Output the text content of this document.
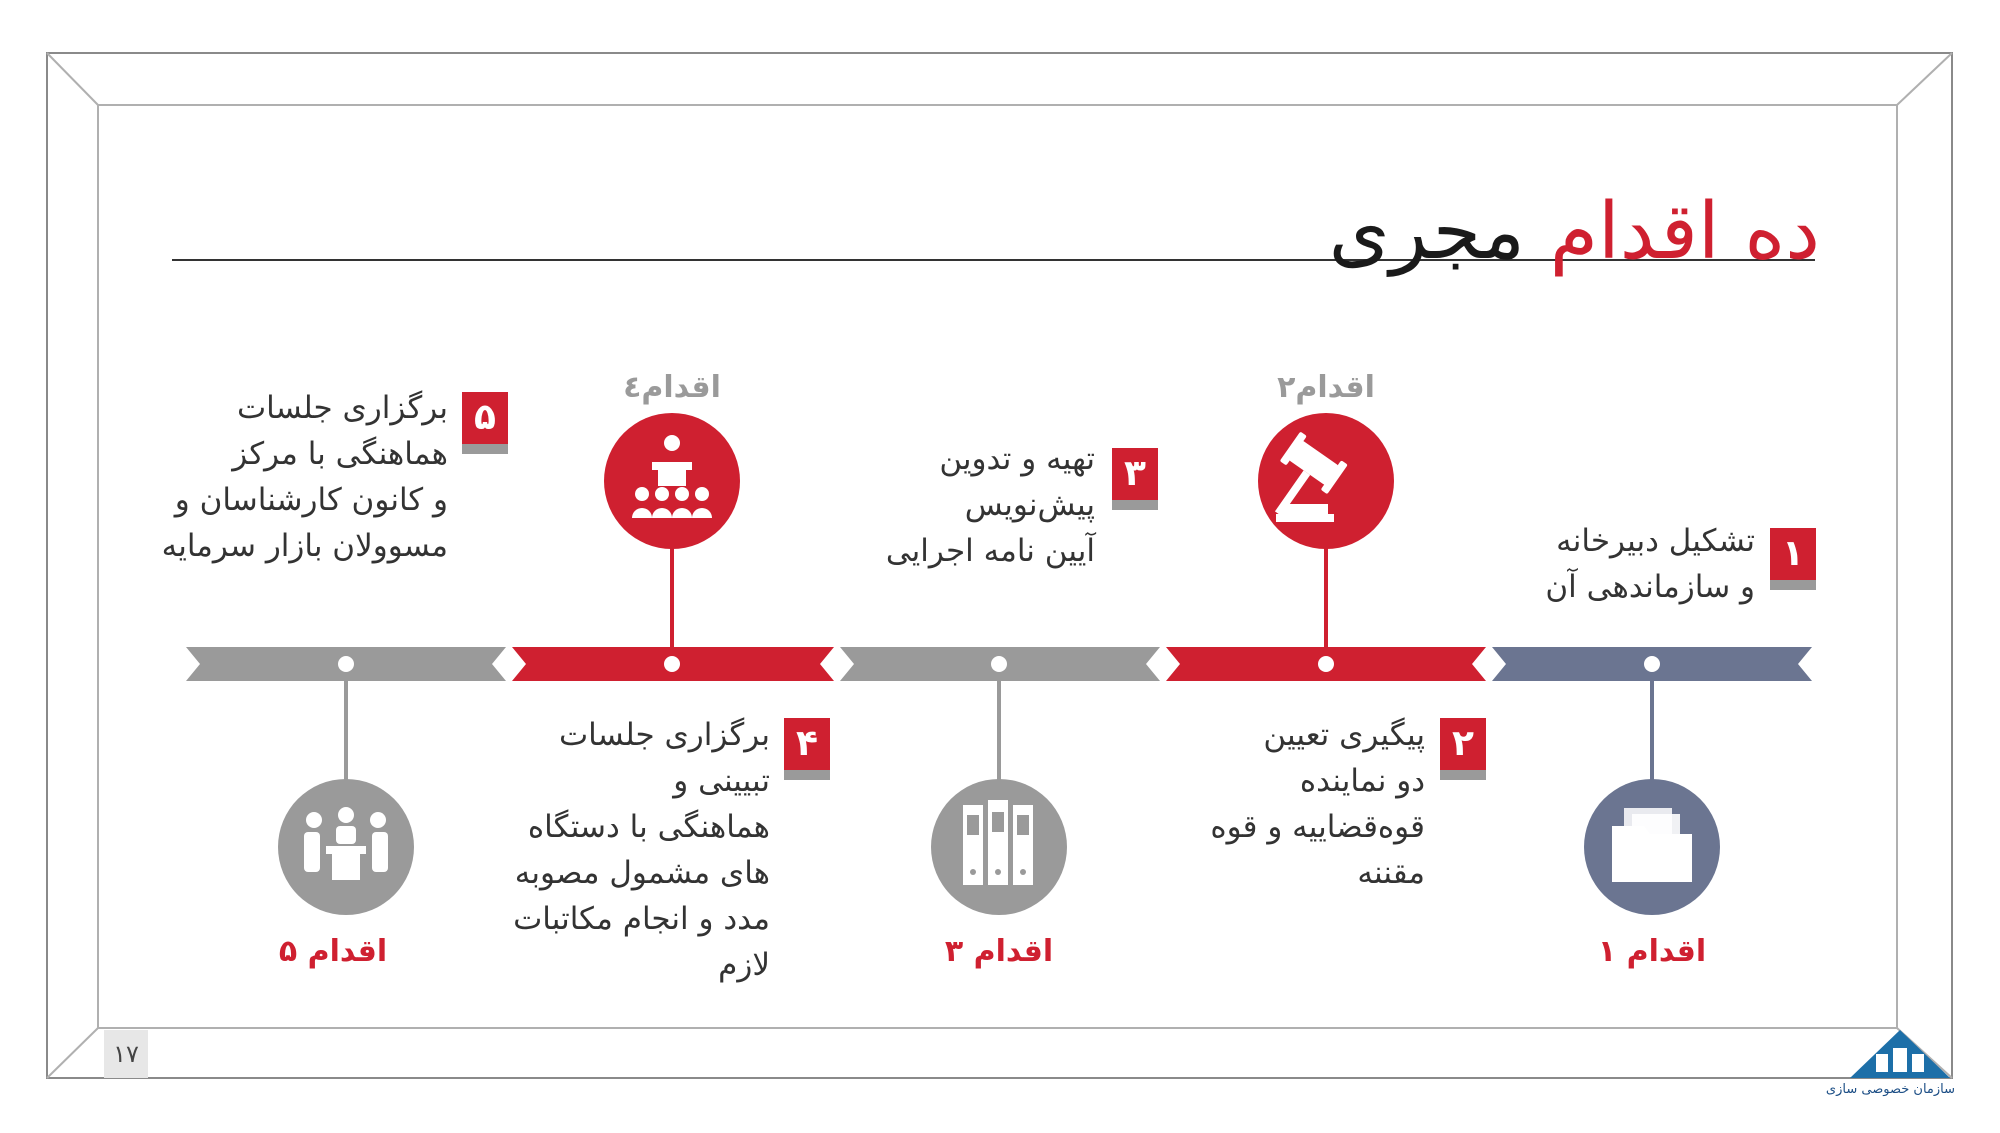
ده اقدام مجری
١
تشکیل دبیرخانه
و سازماندهی آن
اقدام ١
٢
پیگیری تعیین
دو نماینده
قوه‌قضاییه و قوه
مقننه
اقدام٢
٣
تهیه و تدوین
پیش‌نویس
آیین نامه اجرایی
اقدام ٣
۴
برگزاری جلسات
تبیینی و
هماهنگی با دستگاه
های مشمول مصوبه
مدد و انجام مکاتبات
لازم
اقدام٤
۵
برگزاری جلسات
هماهنگی با مرکز
و کانون کارشناسان و
مسوولان بازار سرمایه
اقدام ۵
١٧
سازمان خصوصی سازی
